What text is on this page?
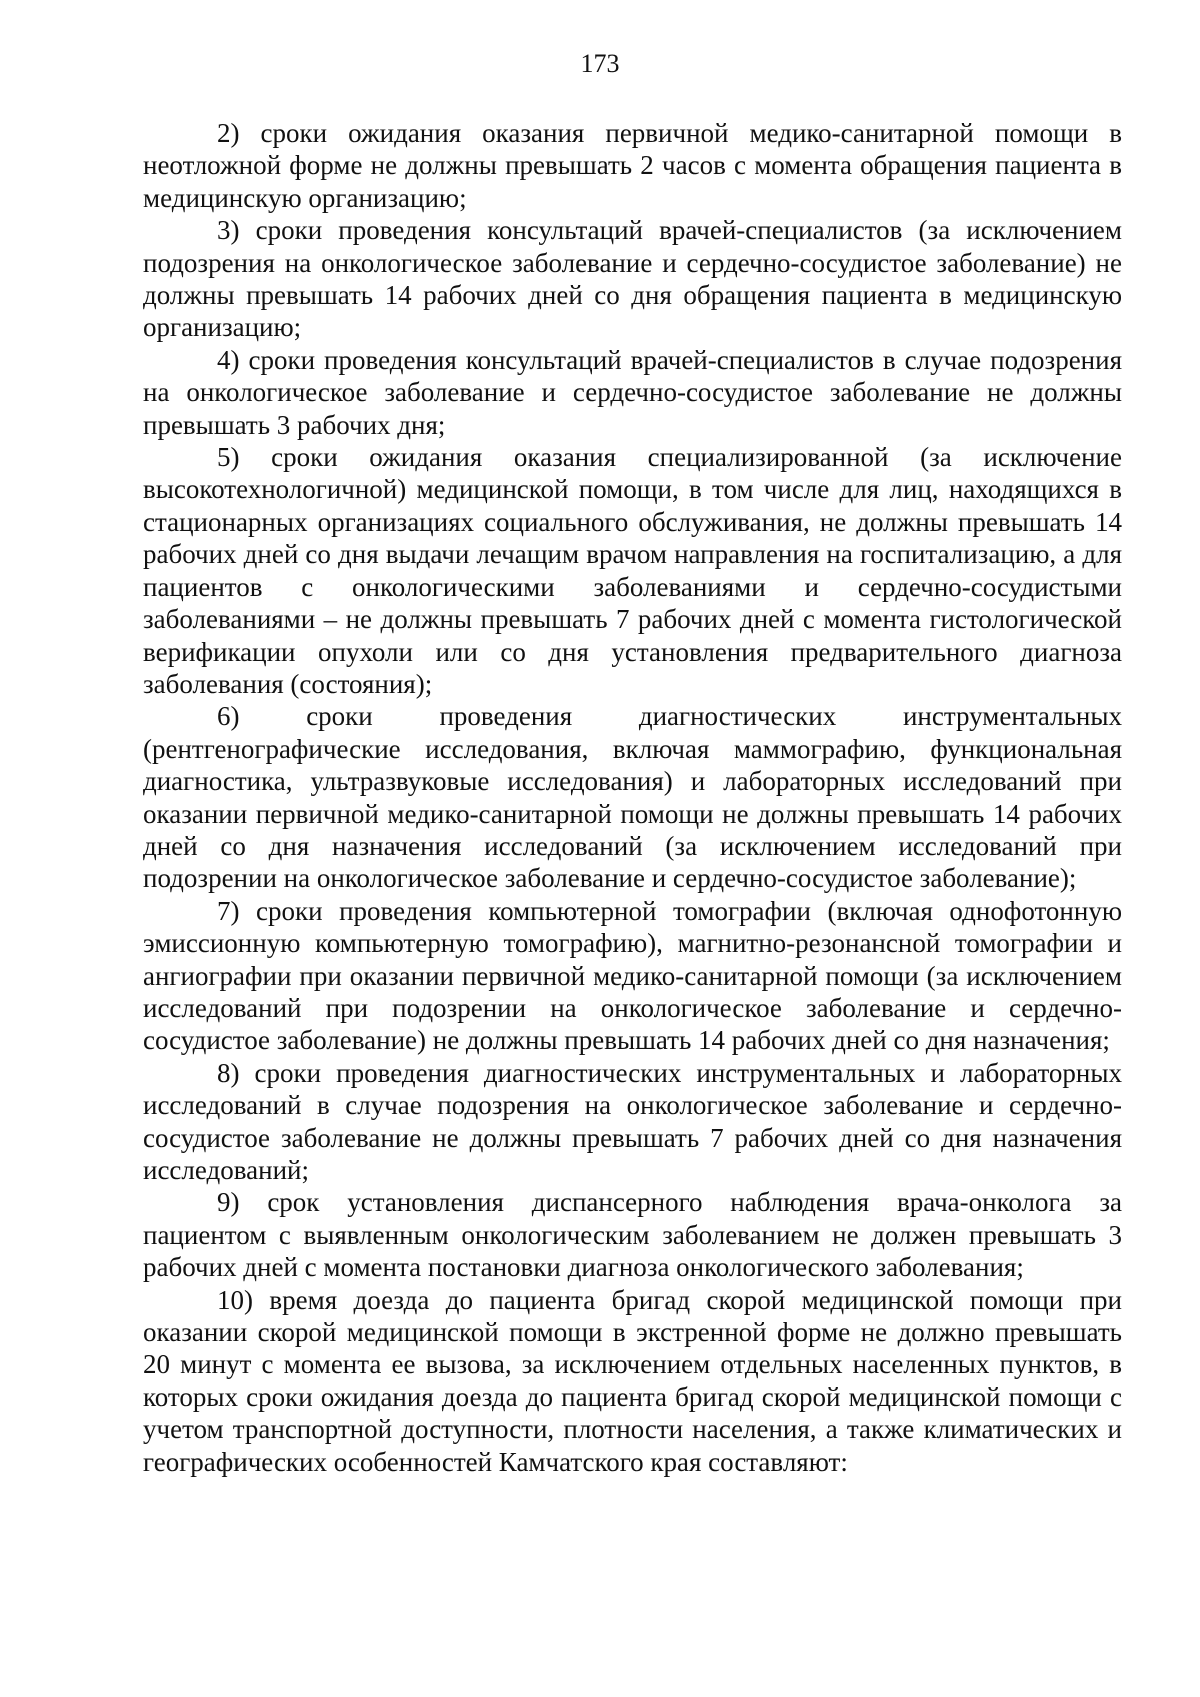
173

2) сроки ожидания оказания первичной медико-санитарной помощи в неотложной форме не должны превышать 2 часов с момента обращения пациента в медицинскую организацию;

3) сроки проведения консультаций врачей-специалистов (за исключением подозрения на онкологическое заболевание и сердечно-сосудистое заболевание) не должны превышать 14 рабочих дней со дня обращения пациента в медицинскую организацию;

4) сроки проведения консультаций врачей-специалистов в случае подозрения на онкологическое заболевание и сердечно-сосудистое заболевание не должны превышать 3 рабочих дня;

5) сроки ожидания оказания специализированной (за исключение высокотехнологичной) медицинской помощи, в том числе для лиц, находящихся в стационарных организациях социального обслуживания, не должны превышать 14 рабочих дней со дня выдачи лечащим врачом направления на госпитализацию, а для пациентов с онкологическими заболеваниями и сердечно-сосудистыми заболеваниями – не должны превышать 7 рабочих дней с момента гистологической верификации опухоли или со дня установления предварительного диагноза заболевания (состояния);

6) сроки проведения диагностических инструментальных (рентгенографические исследования, включая маммографию, функциональная диагностика, ультразвуковые исследования) и лабораторных исследований при оказании первичной медико-санитарной помощи не должны превышать 14 рабочих дней со дня назначения исследований (за исключением исследований при подозрении на онкологическое заболевание и сердечно-сосудистое заболевание);

7) сроки проведения компьютерной томографии (включая однофотонную эмиссионную компьютерную томографию), магнитно-резонансной томографии и ангиографии при оказании первичной медико-санитарной помощи (за исключением исследований при подозрении на онкологическое заболевание и сердечно-сосудистое заболевание) не должны превышать 14 рабочих дней со дня назначения;

8) сроки проведения диагностических инструментальных и лабораторных исследований в случае подозрения на онкологическое заболевание и сердечно-сосудистое заболевание не должны превышать 7 рабочих дней со дня назначения исследований;

9) срок установления диспансерного наблюдения врача-онколога за пациентом с выявленным онкологическим заболеванием не должен превышать 3 рабочих дней с момента постановки диагноза онкологического заболевания;

10) время доезда до пациента бригад скорой медицинской помощи при оказании скорой медицинской помощи в экстренной форме не должно превышать 20 минут с момента ее вызова, за исключением отдельных населенных пунктов, в которых сроки ожидания доезда до пациента бригад скорой медицинской помощи с учетом транспортной доступности, плотности населения, а также климатических и географических особенностей Камчатского края составляют:
